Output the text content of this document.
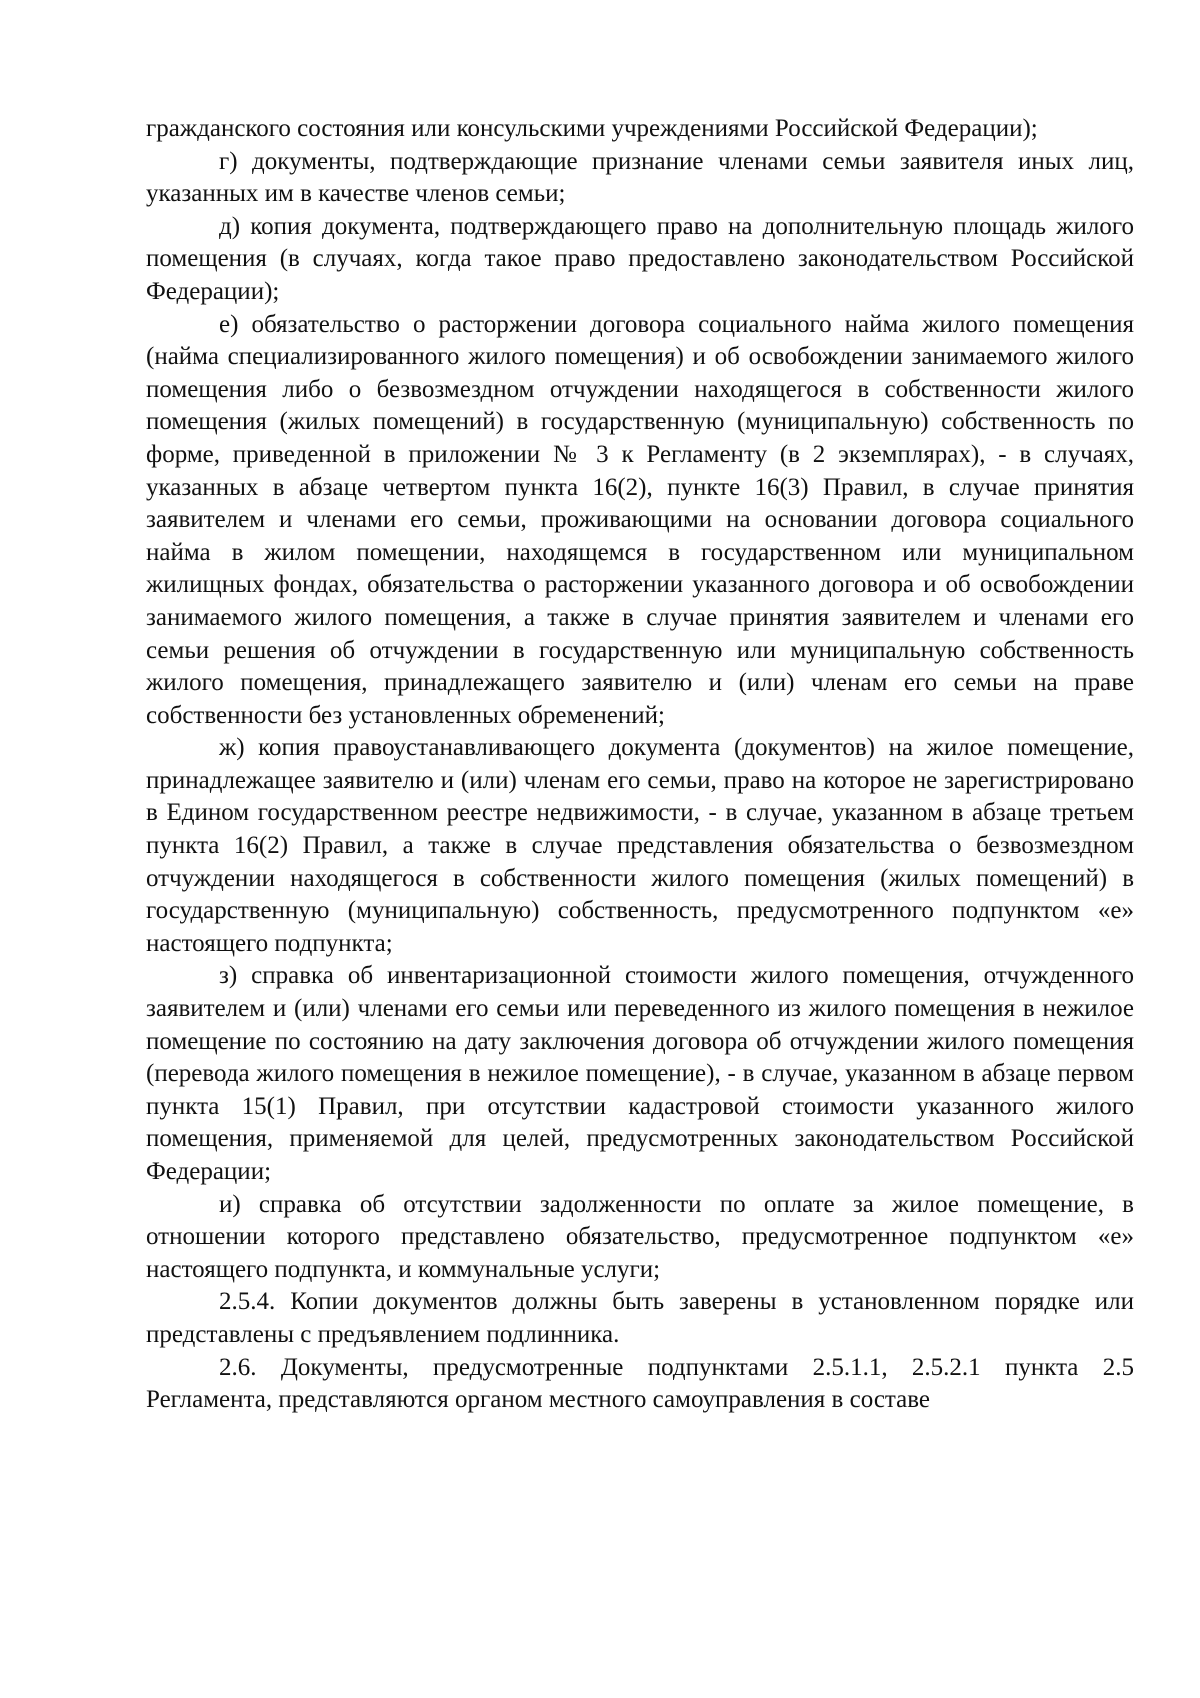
гражданского состояния или консульскими учреждениями Российской Федерации);

г) документы, подтверждающие признание членами семьи заявителя иных лиц, указанных им в качестве членов семьи;

д) копия документа, подтверждающего право на дополнительную площадь жилого помещения (в случаях, когда такое право предоставлено законодательством Российской Федерации);

е) обязательство о расторжении договора социального найма жилого помещения (найма специализированного жилого помещения) и об освобождении занимаемого жилого помещения либо о безвозмездном отчуждении находящегося в собственности жилого помещения (жилых помещений) в государственную (муниципальную) собственность по форме, приведенной в приложении № 3 к Регламенту (в 2 экземплярах), - в случаях, указанных в абзаце четвертом пункта 16(2), пункте 16(3) Правил, в случае принятия заявителем и членами его семьи, проживающими на основании договора социального найма в жилом помещении, находящемся в государственном или муниципальном жилищных фондах, обязательства о расторжении указанного договора и об освобождении занимаемого жилого помещения, а также в случае принятия заявителем и членами его семьи решения об отчуждении в государственную или муниципальную собственность жилого помещения, принадлежащего заявителю и (или) членам его семьи на праве собственности без установленных обременений;

ж) копия правоустанавливающего документа (документов) на жилое помещение, принадлежащее заявителю и (или) членам его семьи, право на которое не зарегистрировано в Едином государственном реестре недвижимости, - в случае, указанном в абзаце третьем пункта 16(2) Правил, а также в случае представления обязательства о безвозмездном отчуждении находящегося в собственности жилого помещения (жилых помещений) в государственную (муниципальную) собственность, предусмотренного подпунктом «е» настоящего подпункта;

з) справка об инвентаризационной стоимости жилого помещения, отчужденного заявителем и (или) членами его семьи или переведенного из жилого помещения в нежилое помещение по состоянию на дату заключения договора об отчуждении жилого помещения (перевода жилого помещения в нежилое помещение), - в случае, указанном в абзаце первом пункта 15(1) Правил, при отсутствии кадастровой стоимости указанного жилого помещения, применяемой для целей, предусмотренных законодательством Российской Федерации;

и) справка об отсутствии задолженности по оплате за жилое помещение, в отношении которого представлено обязательство, предусмотренное подпунктом «е» настоящего подпункта, и коммунальные услуги;

2.5.4. Копии документов должны быть заверены в установленном порядке или представлены с предъявлением подлинника.

2.6. Документы, предусмотренные подпунктами 2.5.1.1, 2.5.2.1 пункта 2.5 Регламента, представляются органом местного самоуправления в составе
